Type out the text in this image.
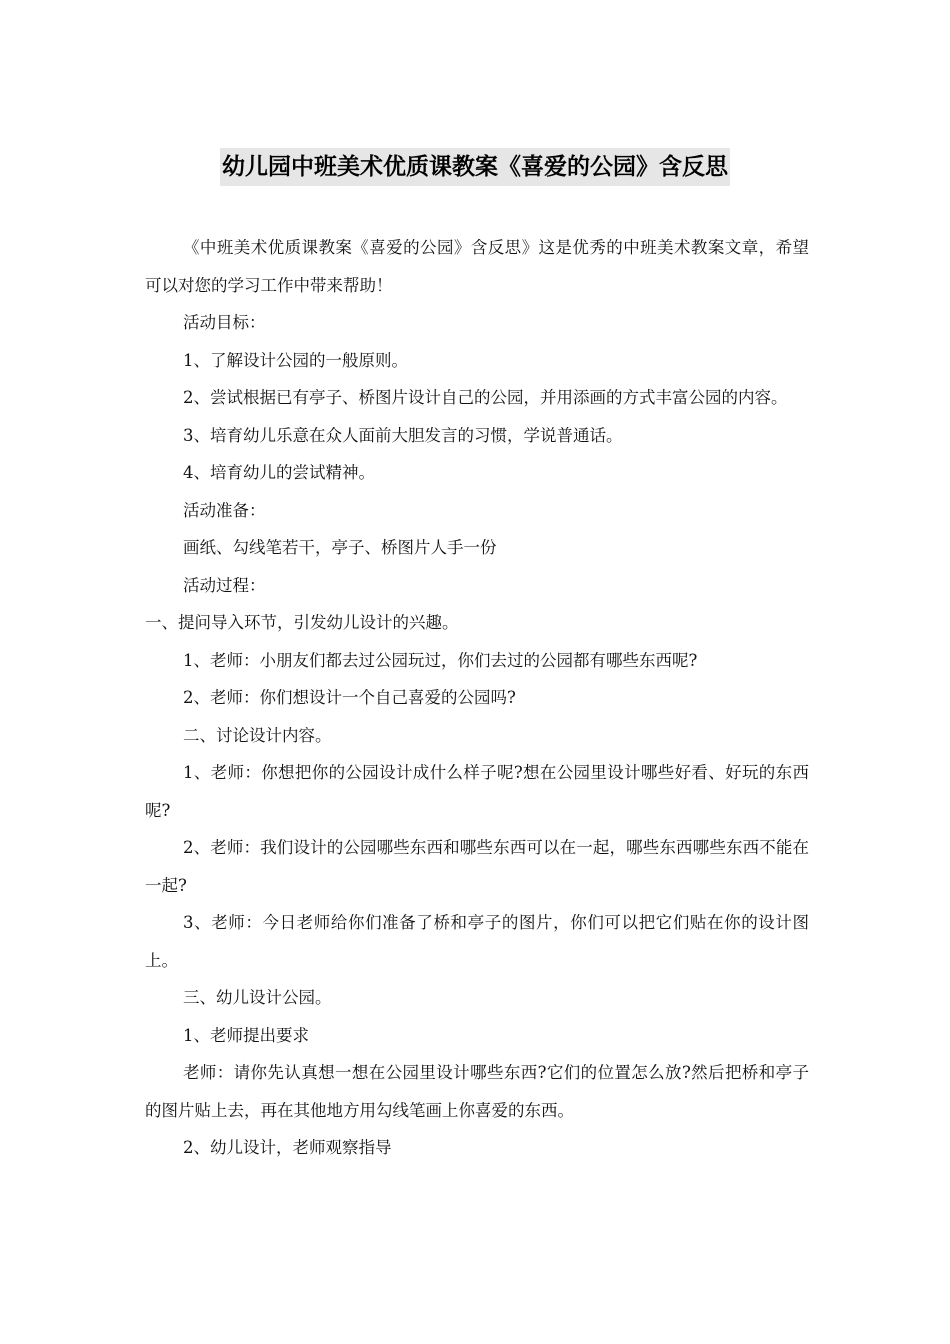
幼儿园中班美术优质课教案《喜爱的公园》含反思

《中班美术优质课教案《喜爱的公园》含反思》这是优秀的中班美术教案文章，希望可以对您的学习工作中带来帮助！

活动目标：

1、了解设计公园的一般原则。

2、尝试根据已有亭子、桥图片设计自己的公园，并用添画的方式丰富公园的内容。

3、培育幼儿乐意在众人面前大胆发言的习惯，学说普通话。

4、培育幼儿的尝试精神。

活动准备：

画纸、勾线笔若干，亭子、桥图片人手一份

活动过程：

一、提问导入环节，引发幼儿设计的兴趣。

1、老师：小朋友们都去过公园玩过，你们去过的公园都有哪些东西呢?

2、老师：你们想设计一个自己喜爱的公园吗?

二、讨论设计内容。

1、老师：你想把你的公园设计成什么样子呢?想在公园里设计哪些好看、好玩的东西呢?

2、老师：我们设计的公园哪些东西和哪些东西可以在一起，哪些东西哪些东西不能在一起?

3、老师：今日老师给你们准备了桥和亭子的图片，你们可以把它们贴在你的设计图上。

三、幼儿设计公园。

1、老师提出要求

老师：请你先认真想一想在公园里设计哪些东西?它们的位置怎么放?然后把桥和亭子的图片贴上去，再在其他地方用勾线笔画上你喜爱的东西。

2、幼儿设计，老师观察指导
